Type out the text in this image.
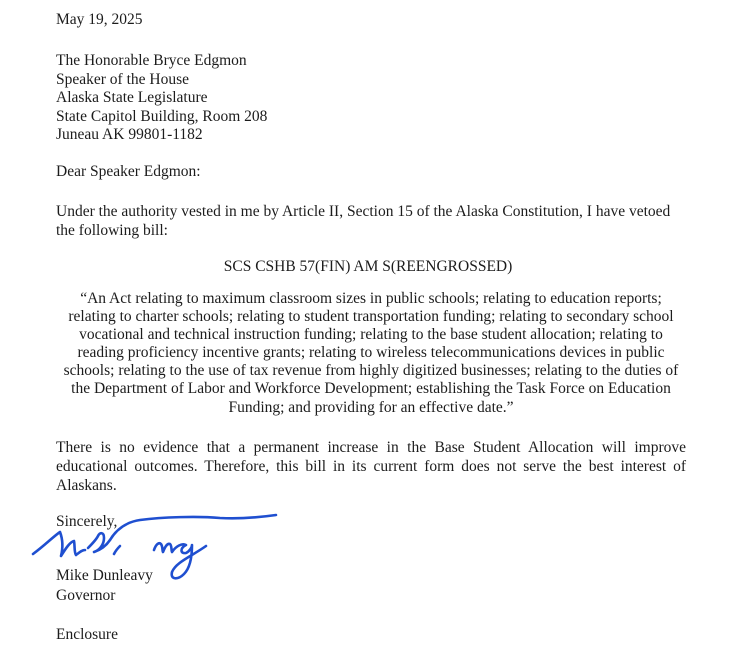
May 19, 2025
The Honorable Bryce Edgmon
Speaker of the House
Alaska State Legislature
State Capitol Building, Room 208
Juneau AK 99801-1182
Dear Speaker Edgmon:
Under the authority vested in me by Article II, Section 15 of the Alaska Constitution, I have vetoed the following bill:
SCS CSHB 57(FIN) AM S(REENGROSSED)
“An Act relating to maximum classroom sizes in public schools; relating to education reports; relating to charter schools; relating to student transportation funding; relating to secondary school vocational and technical instruction funding; relating to the base student allocation; relating to reading proficiency incentive grants; relating to wireless telecommunications devices in public schools; relating to the use of tax revenue from highly digitized businesses; relating to the duties of the Department of Labor and Workforce Development; establishing the Task Force on Education Funding; and providing for an effective date.”
There is no evidence that a permanent increase in the Base Student Allocation will improve educational outcomes. Therefore, this bill in its current form does not serve the best interest of Alaskans.
Sincerely,
Mike Dunleavy
Governor
Enclosure
